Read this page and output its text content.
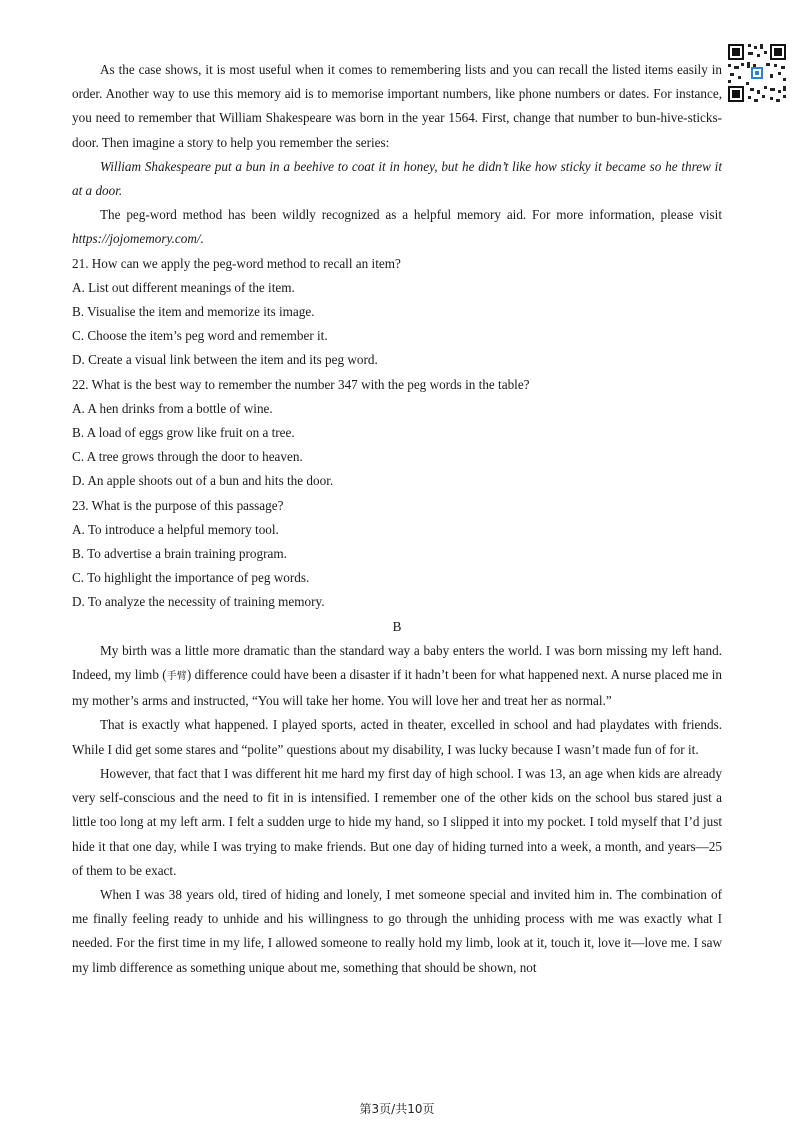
As the case shows, it is most useful when it comes to remembering lists and you can recall the listed items easily in order. Another way to use this memory aid is to memorise important numbers, like phone numbers or dates. For instance, you need to remember that William Shakespeare was born in the year 1564. First, change that number to bun-hive-sticks-door. Then imagine a story to help you remember the series:

William Shakespeare put a bun in a beehive to coat it in honey, but he didn’t like how sticky it became so he threw it at a door.

The peg-word method has been wildly recognized as a helpful memory aid. For more information, please visit https://jojomemory.com/.

21. How can we apply the peg-word method to recall an item?

A. List out different meanings of the item.

B. Visualise the item and memorize its image.

C. Choose the item’s peg word and remember it.

D. Create a visual link between the item and its peg word.

22. What is the best way to remember the number 347 with the peg words in the table?

A. A hen drinks from a bottle of wine.

B. A load of eggs grow like fruit on a tree.

C. A tree grows through the door to heaven.

D. An apple shoots out of a bun and hits the door.

23. What is the purpose of this passage?

A. To introduce a helpful memory tool.

B. To advertise a brain training program.

C. To highlight the importance of peg words.

D. To analyze the necessity of training memory.

B

My birth was a little more dramatic than the standard way a baby enters the world. I was born missing my left hand. Indeed, my limb (手臂) difference could have been a disaster if it hadn’t been for what happened next. A nurse placed me in my mother’s arms and instructed, “You will take her home. You will love her and treat her as normal.”

That is exactly what happened. I played sports, acted in theater, excelled in school and had playdates with friends. While I did get some stares and “polite” questions about my disability, I was lucky because I wasn’t made fun of for it.

However, that fact that I was different hit me hard my first day of high school. I was 13, an age when kids are already very self-conscious and the need to fit in is intensified. I remember one of the other kids on the school bus stared just a little too long at my left arm. I felt a sudden urge to hide my hand, so I slipped it into my pocket. I told myself that I’d just hide it that one day, while I was trying to make friends. But one day of hiding turned into a week, a month, and years—25 of them to be exact.

When I was 38 years old, tired of hiding and lonely, I met someone special and invited him in. The combination of me finally feeling ready to unhide and his willingness to go through the unhiding process with me was exactly what I needed. For the first time in my life, I allowed someone to really hold my limb, look at it, touch it, love it—love me. I saw my limb difference as something unique about me, something that should be shown, not

第3页/共10页
